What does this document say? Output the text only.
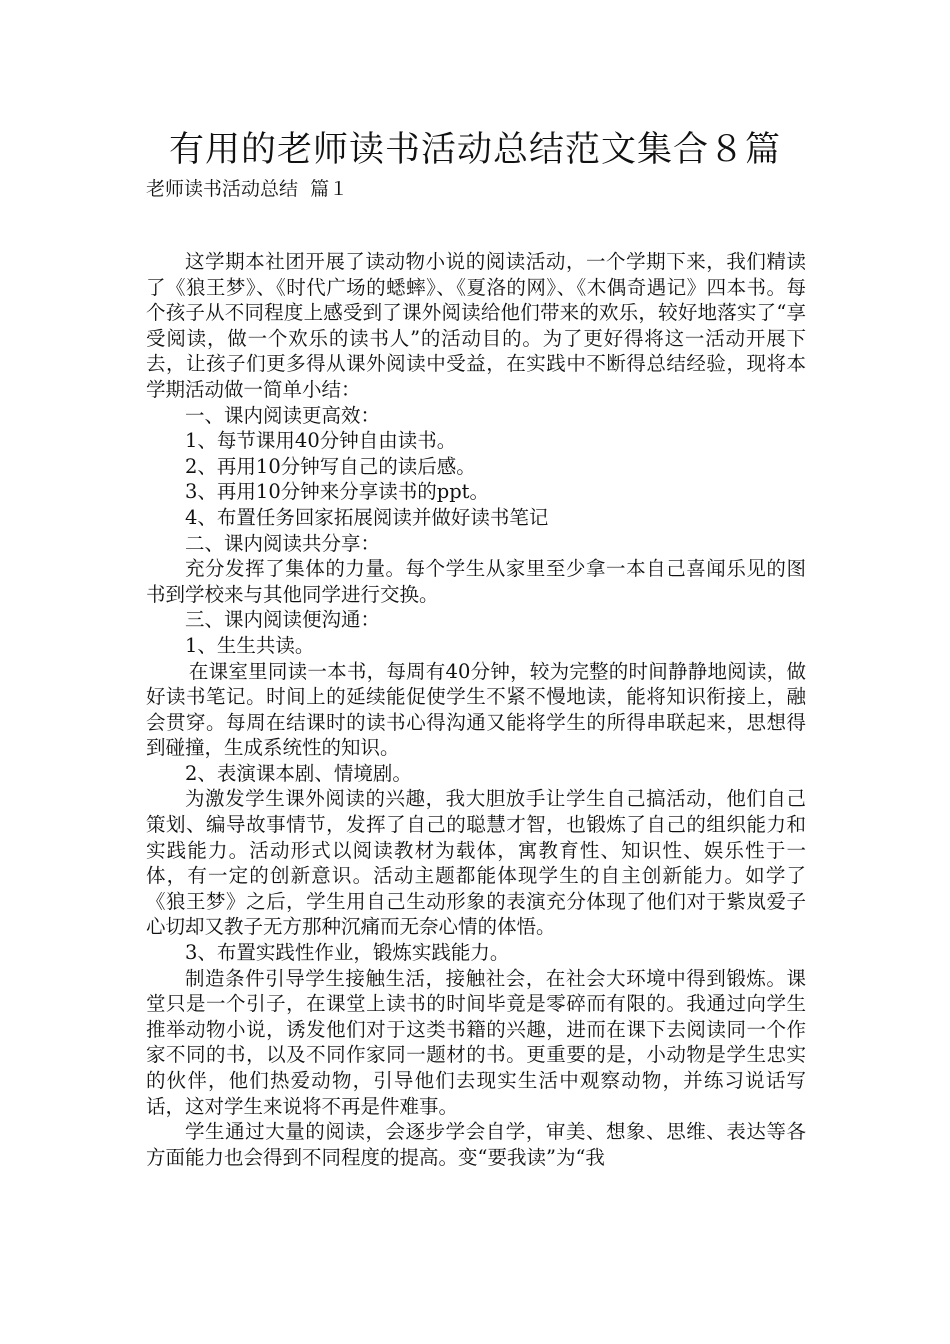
有用的老师读书活动总结范文集合８篇
老师读书活动总结  篇１

这学期本社团开展了读动物小说的阅读活动，一个学期下来，我们精读了《狼王梦》、《时代广场的蟋蟀》、《夏洛的网》、《木偶奇遇记》四本书。每个孩子从不同程度上感受到了课外阅读给他们带来的欢乐，较好地落实了“享受阅读，做一个欢乐的读书人”的活动目的。为了更好得将这一活动开展下去，让孩子们更多得从课外阅读中受益，在实践中不断得总结经验，现将本学期活动做一简单小结：

一、课内阅读更高效：

1、每节课用40分钟自由读书。

2、再用10分钟写自己的读后感。

3、再用10分钟来分享读书的ppt。

4、布置任务回家拓展阅读并做好读书笔记

二、课内阅读共分享：

充分发挥了集体的力量。每个学生从家里至少拿一本自己喜闻乐见的图书到学校来与其他同学进行交换。

三、课内阅读便沟通：

1、生生共读。

在课室里同读一本书，每周有40分钟，较为完整的时间静静地阅读，做好读书笔记。时间上的延续能促使学生不紧不慢地读，能将知识衔接上，融会贯穿。每周在结课时的读书心得沟通又能将学生的所得串联起来，思想得到碰撞，生成系统性的知识。

2、表演课本剧、情境剧。

为激发学生课外阅读的兴趣，我大胆放手让学生自己搞活动，他们自己策划、编导故事情节，发挥了自己的聪慧才智，也锻炼了自己的组织能力和实践能力。活动形式以阅读教材为载体，寓教育性、知识性、娱乐性于一体，有一定的创新意识。活动主题都能体现学生的自主创新能力。如学了《狼王梦》之后，学生用自己生动形象的表演充分体现了他们对于紫岚爱子心切却又教子无方那种沉痛而无奈心情的体悟。

3、布置实践性作业，锻炼实践能力。

制造条件引导学生接触生活，接触社会，在社会大环境中得到锻炼。课堂只是一个引子，在课堂上读书的时间毕竟是零碎而有限的。我通过向学生推举动物小说，诱发他们对于这类书籍的兴趣，进而在课下去阅读同一个作家不同的书，以及不同作家同一题材的书。更重要的是，小动物是学生忠实的伙伴，他们热爱动物，引导他们去现实生活中观察动物，并练习说话写话，这对学生来说将不再是件难事。

学生通过大量的阅读，会逐步学会自学，审美、想象、思维、表达等各方面能力也会得到不同程度的提高。变“要我读”为“我
